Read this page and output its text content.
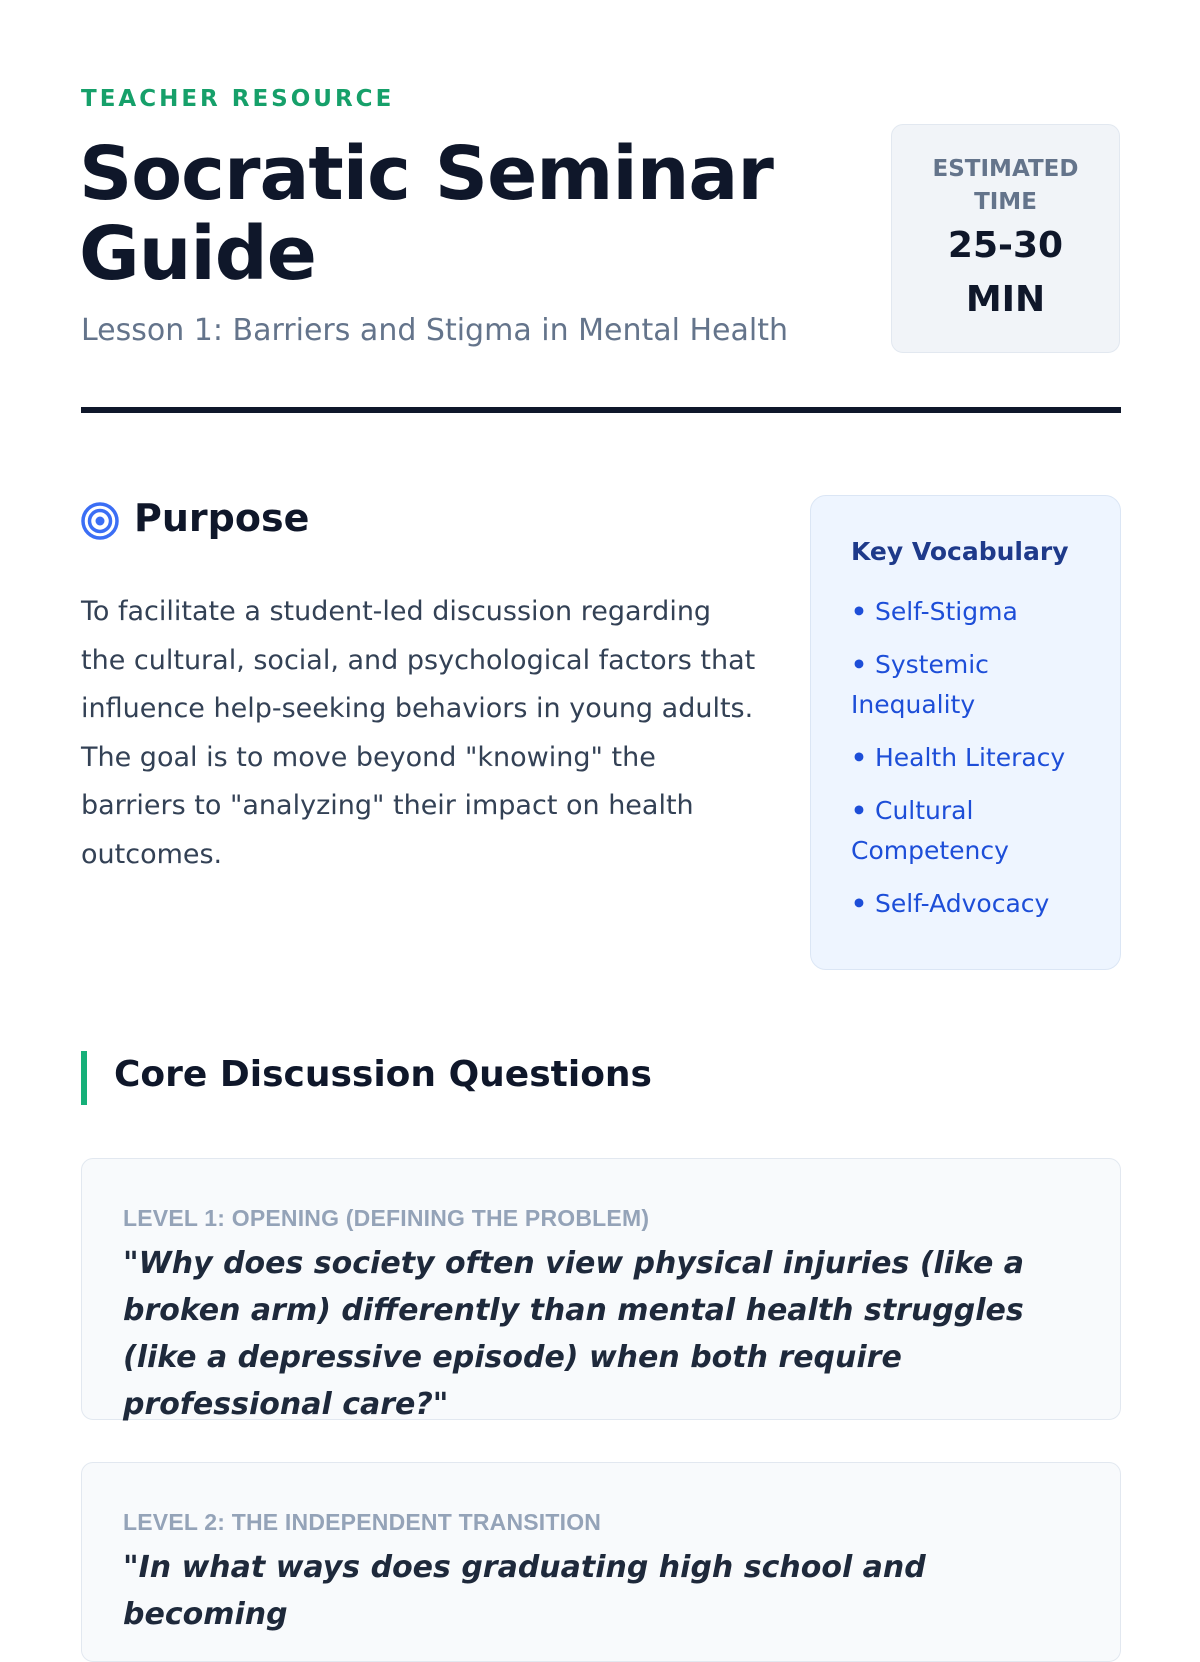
TEACHER RESOURCE
Socratic Seminar Guide
Lesson 1: Barriers and Stigma in Mental Health
ESTIMATED TIME
25-30 MIN
Purpose

To facilitate a student-led discussion regarding the cultural, social, and psychological factors that influence help-seeking behaviors in young adults. The goal is to move beyond "knowing" the barriers to "analyzing" their impact on health outcomes.

Key Vocabulary
• Self-Stigma
• Systemic Inequality
• Health Literacy
• Cultural Competency
• Self-Advocacy
Core Discussion Questions

LEVEL 1: OPENING (DEFINING THE PROBLEM)

"Why does society often view physical injuries (like a broken arm) differently than mental health struggles (like a depressive episode) when both require professional care?"

LEVEL 2: THE INDEPENDENT TRANSITION

"In what ways does graduating high school and becoming
